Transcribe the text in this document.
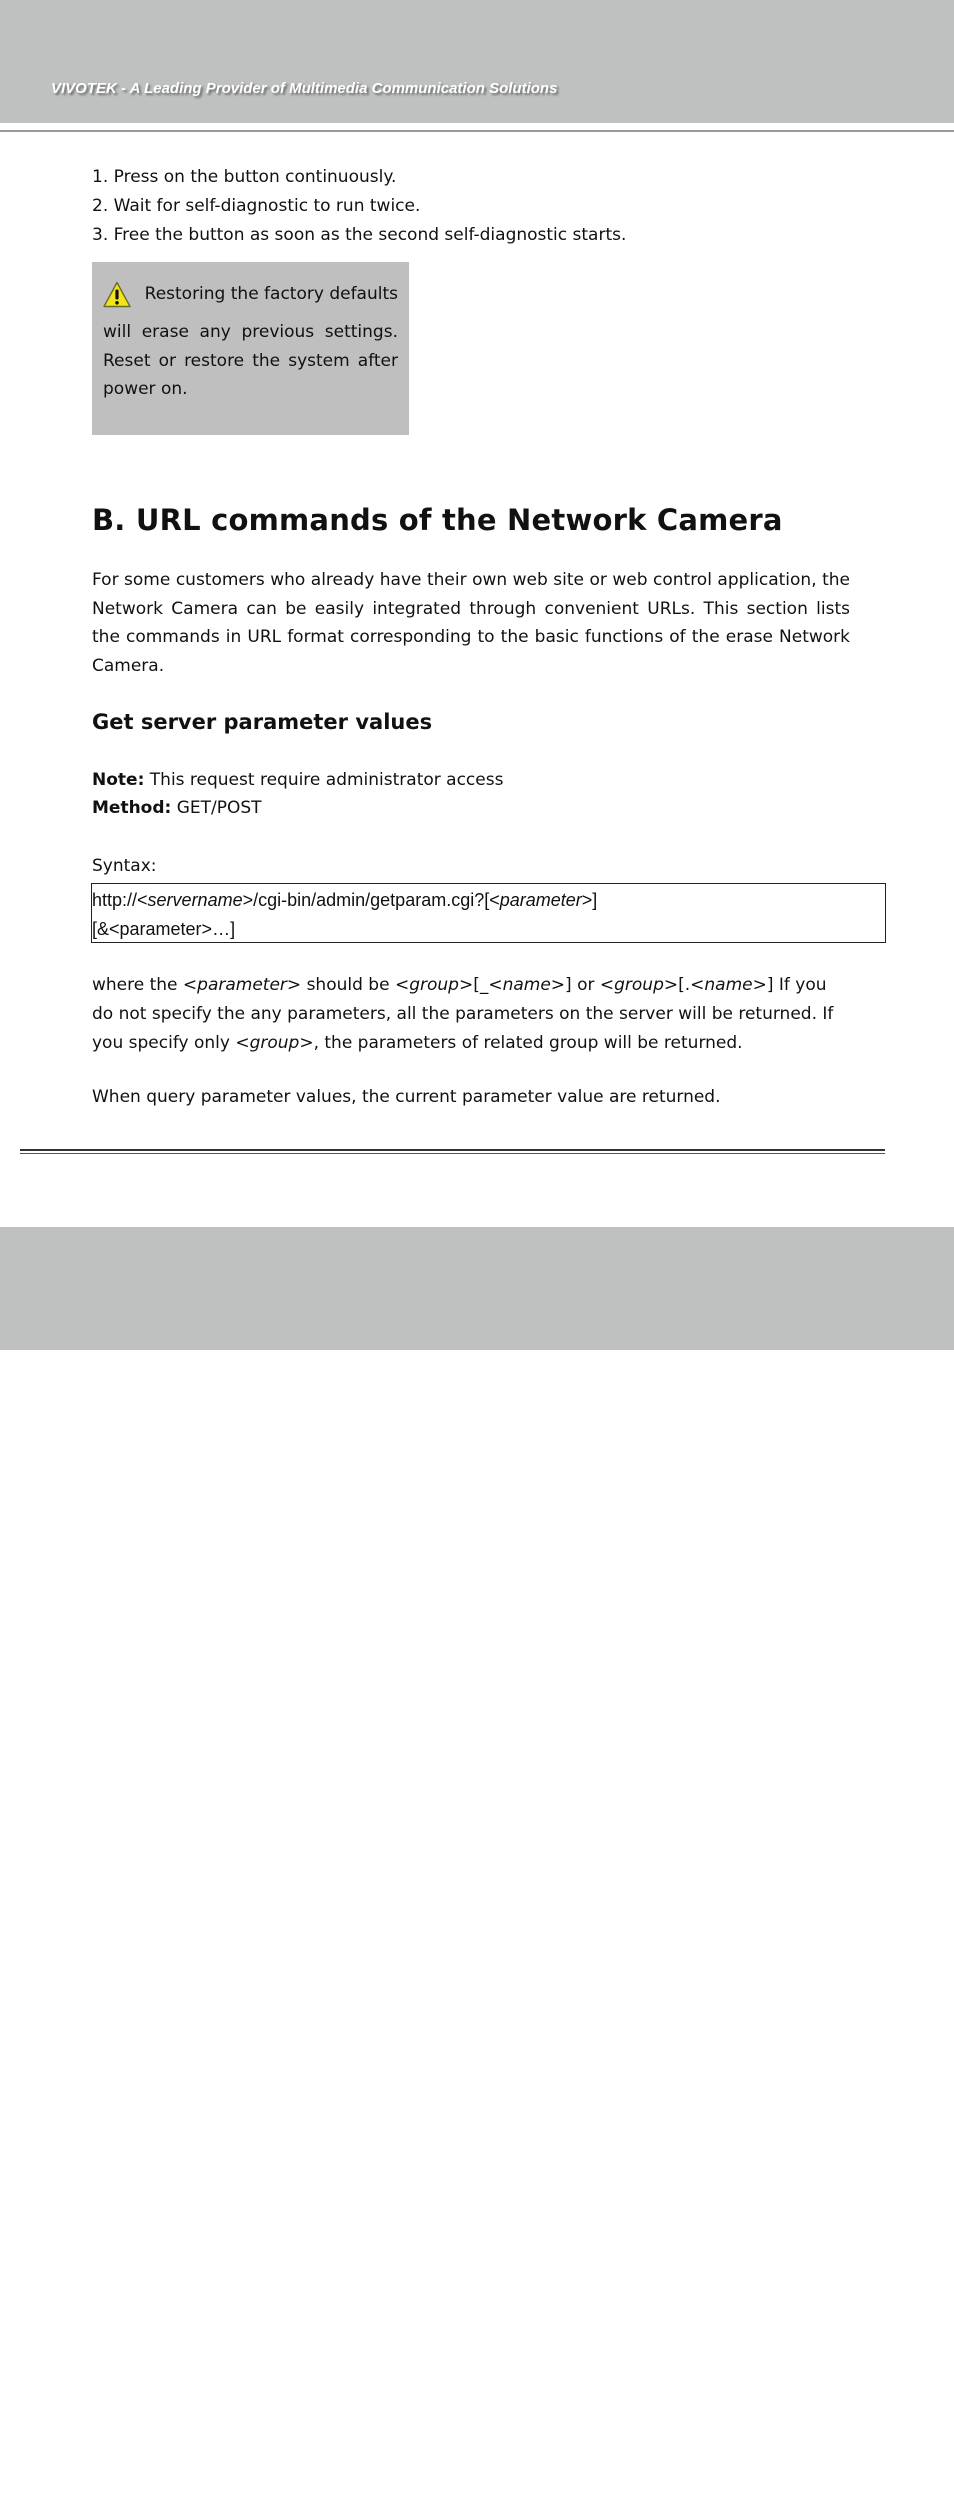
VIVOTEK - A Leading Provider of Multimedia Communication Solutions
1. Press on the button continuously.
2. Wait for self-diagnostic to run twice.
3. Free the button as soon as the second self-diagnostic starts.
Restoring the factory defaults
will erase any previous settings. Reset or restore the system after power on.
B. URL commands of the Network Camera

For some customers who already have their own web site or web control application, the Network Camera can be easily integrated through convenient URLs. This section lists the commands in URL format corresponding to the basic functions of the erase Network Camera.

Get server parameter values

Note: This request require administrator access

Method: GET/POST

Syntax:

http://<servername>/cgi-bin/admin/getparam.cgi?[<parameter>]
[&<parameter>…]

where the <parameter> should be <group>[_<name>] or <group>[.<name>] If you do not specify the any parameters, all the parameters on the server will be returned. If you specify only <group>, the parameters of related group will be returned.

When query parameter values, the current parameter value are returned.

51 - User's Manual
